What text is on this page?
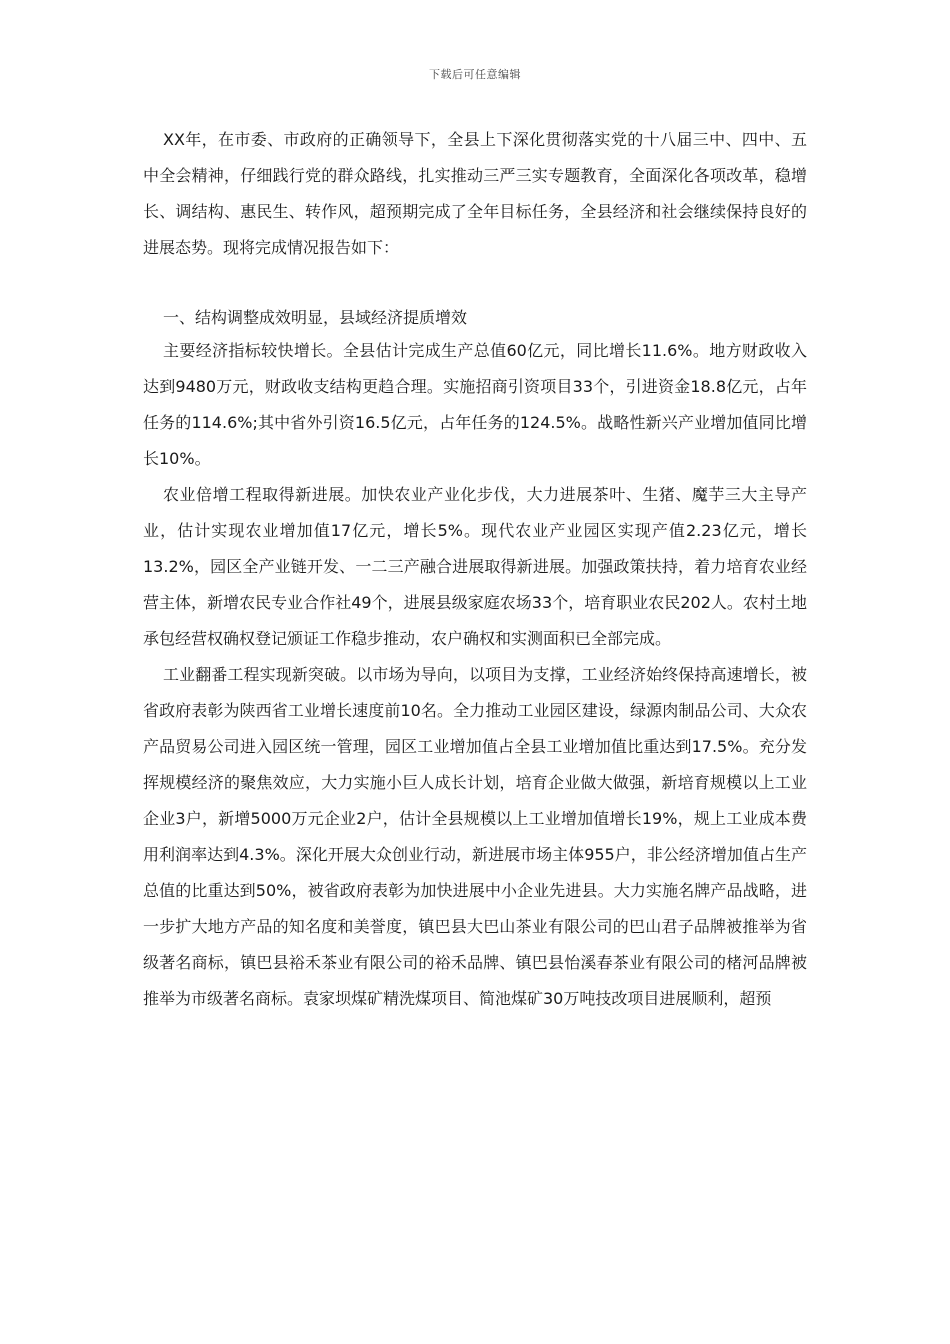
下载后可任意编辑

XX年，在市委、市政府的正确领导下，全县上下深化贯彻落实党的十八届三中、四中、五中全会精神，仔细践行党的群众路线，扎实推动三严三实专题教育，全面深化各项改革，稳增长、调结构、惠民生、转作风，超预期完成了全年目标任务，全县经济和社会继续保持良好的进展态势。现将完成情况报告如下：

一、结构调整成效明显，县域经济提质增效

主要经济指标较快增长。全县估计完成生产总值60亿元，同比增长11.6%。地方财政收入达到9480万元，财政收支结构更趋合理。实施招商引资项目33个，引进资金18.8亿元，占年任务的114.6%;其中省外引资16.5亿元，占年任务的124.5%。战略性新兴产业增加值同比增长10%。

农业倍增工程取得新进展。加快农业产业化步伐，大力进展茶叶、生猪、魔芋三大主导产业，估计实现农业增加值17亿元，增长5%。现代农业产业园区实现产值2.23亿元，增长13.2%，园区全产业链开发、一二三产融合进展取得新进展。加强政策扶持，着力培育农业经营主体，新增农民专业合作社49个，进展县级家庭农场33个，培育职业农民202人。农村土地承包经营权确权登记颁证工作稳步推动，农户确权和实测面积已全部完成。

工业翻番工程实现新突破。以市场为导向，以项目为支撑，工业经济始终保持高速增长，被省政府表彰为陕西省工业增长速度前10名。全力推动工业园区建设，绿源肉制品公司、大众农产品贸易公司进入园区统一管理，园区工业增加值占全县工业增加值比重达到17.5%。充分发挥规模经济的聚焦效应，大力实施小巨人成长计划，培育企业做大做强，新培育规模以上工业企业3户，新增5000万元企业2户，估计全县规模以上工业增加值增长19%，规上工业成本费用利润率达到4.3%。深化开展大众创业行动，新进展市场主体955户，非公经济增加值占生产总值的比重达到50%，被省政府表彰为加快进展中小企业先进县。大力实施名牌产品战略，进一步扩大地方产品的知名度和美誉度，镇巴县大巴山茶业有限公司的巴山君子品牌被推举为省级著名商标，镇巴县裕禾茶业有限公司的裕禾品牌、镇巴县怡溪春茶业有限公司的楮河品牌被推举为市级著名商标。袁家坝煤矿精洗煤项目、简池煤矿30万吨技改项目进展顺利，超预
